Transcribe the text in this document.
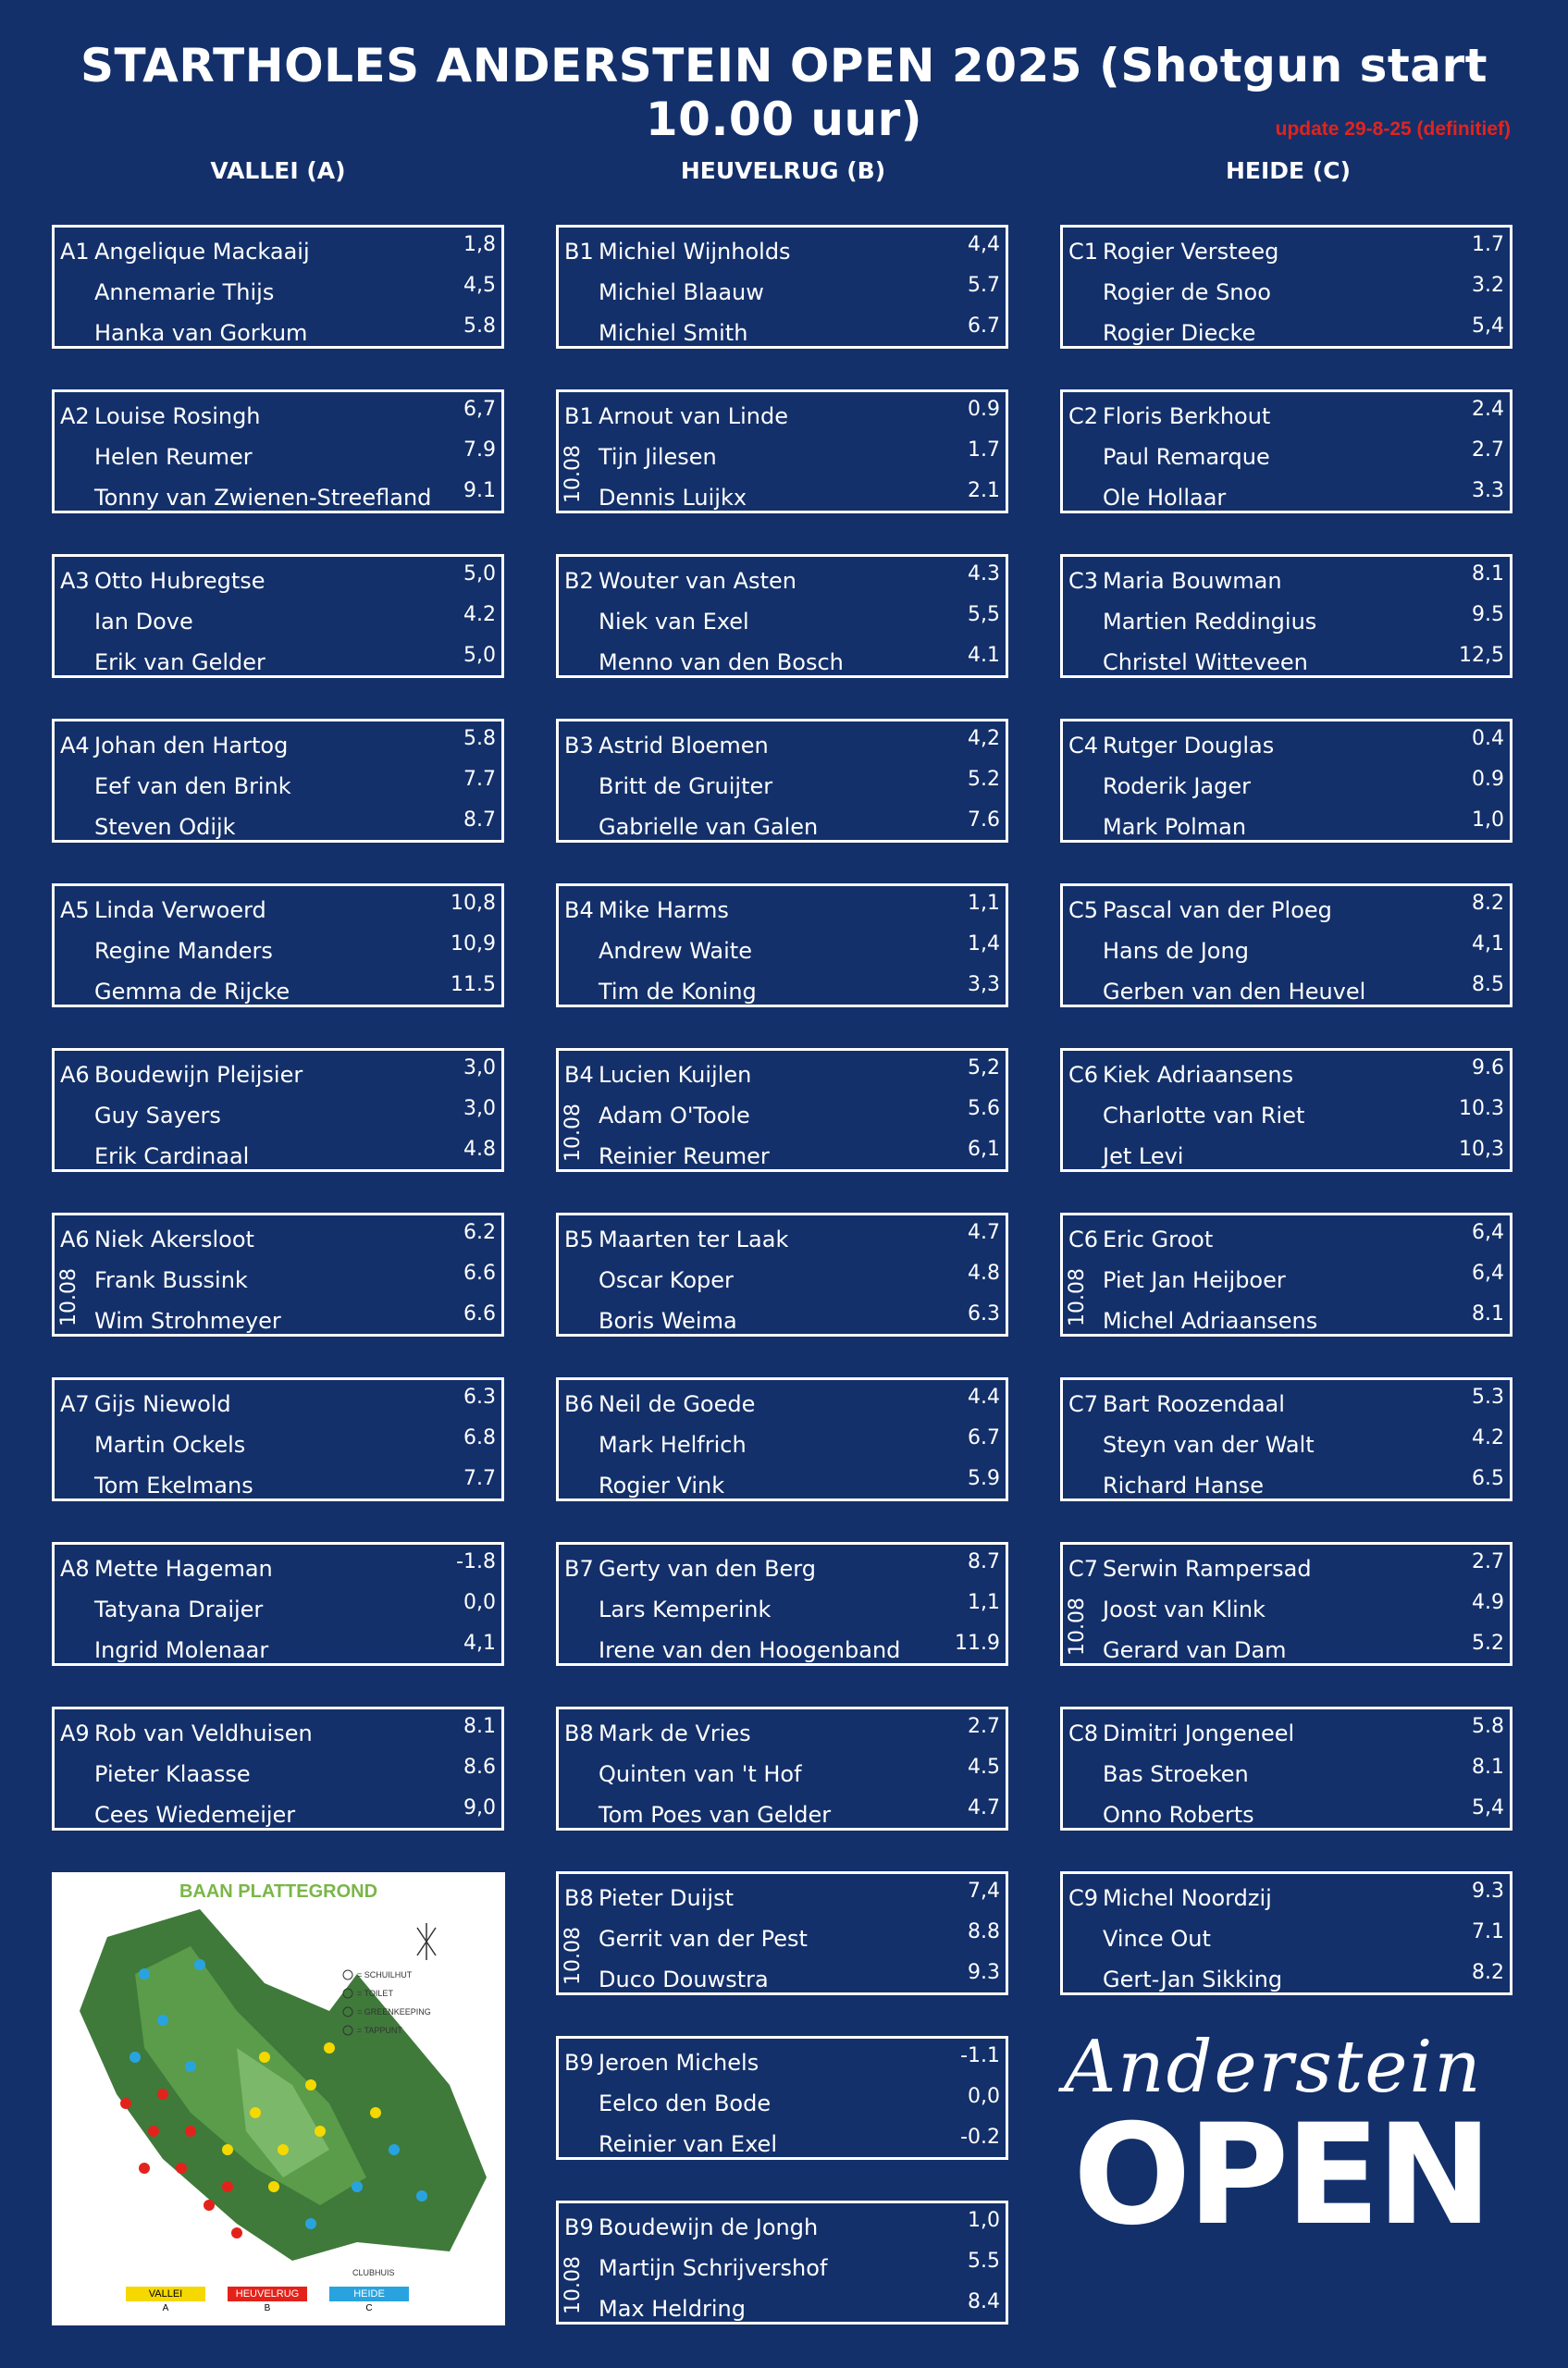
STARTHOLES ANDERSTEIN OPEN 2025 (Shotgun start 10.00 uur)	update 29-8-25 (definitief)
VALLEI (A)	HEUVELRUG (B)	HEIDE (C)
A1 Angelique Mackaaij	1,8
Annemarie Thijs	4,5
Hanka van Gorkum	5.8
A2 Louise Rosingh	6,7
Helen Reumer	7.9
Tonny van Zwienen-Streefland 9.1
A3 Otto Hubregtse	5,0
Ian Dove	4.2
Erik van Gelder	5,0
A4 Johan den Hartog	5.8
Eef van den Brink	7.7
Steven Odijk	8.7
A5 Linda Verwoerd	10,8
Regine Manders	10,9
Gemma de Rijcke	11.5
A6 Boudewijn Pleijsier	3,0
Guy Sayers	3,0
Erik Cardinaal	4.8
10.08
A6 Niek Akersloot	6.2
Frank Bussink	6.6
Wim Strohmeyer	6.6
A7 Gijs Niewold	6.3
Martin Ockels	6.8
Tom Ekelmans	7.7
A8 Mette Hageman	-1.8
Tatyana Draijer	0,0
Ingrid Molenaar	4,1
A9 Rob van Veldhuisen	8.1
Pieter Klaasse	8.6
Cees Wiedemeijer	9,0
B1 Michiel Wijnholds	4,4
Michiel Blaauw	5.7
Michiel Smith	6.7
10.08
B1 Arnout van Linde	0.9
Tijn Jilesen	1.7
Dennis Luijkx	2.1
B2 Wouter van Asten	4.3
Niek van Exel	5,5
Menno van den Bosch	4.1
B3 Astrid Bloemen	4,2
Britt de Gruijter	5.2
Gabrielle van Galen	7.6
B4 Mike Harms	1,1
Andrew Waite	1,4
Tim de Koning	3,3
10.08
B4 Lucien Kuijlen	5,2
Adam O'Toole	5.6
Reinier Reumer	6,1
B5 Maarten ter Laak	4.7
Oscar Koper	4.8
Boris Weima	6.3
B6 Neil de Goede	4.4
Mark Helfrich	6.7
Rogier Vink	5.9
B7 Gerty van den Berg	8.7
Lars Kemperink	1,1
Irene van den Hoogenband	11.9
B8 Mark de Vries	2.7
Quinten van 't Hof	4.5
Tom Poes van Gelder	4.7
10.08
B8 Pieter Duijst	7,4
Gerrit van der Pest	8.8
Duco Douwstra	9.3
B9 Jeroen Michels	-1.1
Eelco den Bode	0,0
Reinier van Exel	-0.2
10.08
B9 Boudewijn de Jongh	1,0
Martijn Schrijvershof	5.5
Max Heldring	8.4
C1 Rogier Versteeg	1.7
Rogier de Snoo	3.2
Rogier Diecke	5,4
C2 Floris Berkhout	2.4
Paul Remarque	2.7
Ole Hollaar	3.3
C3 Maria Bouwman	8.1
Martien Reddingius	9.5
Christel Witteveen	12,5
C4 Rutger Douglas	0.4
Roderik Jager	0.9
Mark Polman	1,0
C5 Pascal van der Ploeg	8.2
Hans de Jong	4,1
Gerben van den Heuvel	8.5
C6 Kiek Adriaansens	9.6
Charlotte van Riet	10.3
Jet Levi	10,3
10.08
C6 Eric Groot	6,4
Piet Jan Heijboer	6,4
Michel Adriaansens	8.1
C7 Bart Roozendaal	5.3
Steyn van der Walt	4.2
Richard Hanse	6.5
10.08
C7 Serwin Rampersad	2.7
Joost van Klink	4.9
Gerard van Dam	5.2
C8 Dimitri Jongeneel	5.8
Bas Stroeken	8.1
Onno Roberts	5,4
C9 Michel Noordzij	9.3
Vince Out	7.1
Gert-Jan Sikking	8.2
BAAN PLATTEGROND
= SCHUILHUT
= TOILET
= GREENKEEPING
= TAPPUNT
CLUBHUIS
VALLEI
A
HEUVELRUG
B
HEIDE
C
Anderstein
OPEN
